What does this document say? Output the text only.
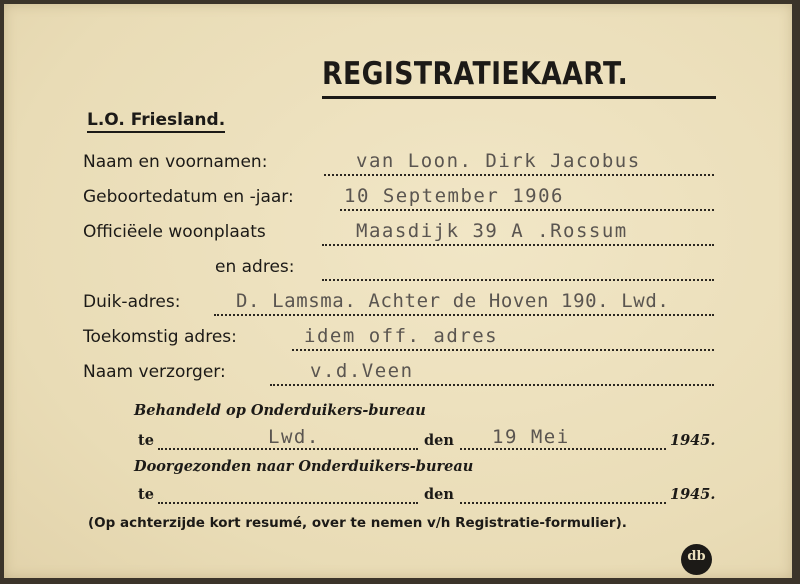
REGISTRATIEKAART.
L.O. Friesland.
Naam en voornamen:	van Loon. Dirk Jacobus
Geboortedatum en -jaar:	10 September 1906
Officiëele woonplaats	Maasdijk 39 A .Rossum
en adres:
Duik-adres:	D. Lamsma. Achter de Hoven 190. Lwd.
Toekomstig adres:	idem off. adres
Naam verzorger:	v.d.Veen
Behandeld op Onderduikers-bureau
te	Lwd.	den 19 Mei	1945.
Doorgezonden naar Onderduikers-bureau
te	den	1945.
(Op achterzijde kort resumé, over te nemen v/h Registratie-formulier).
db
